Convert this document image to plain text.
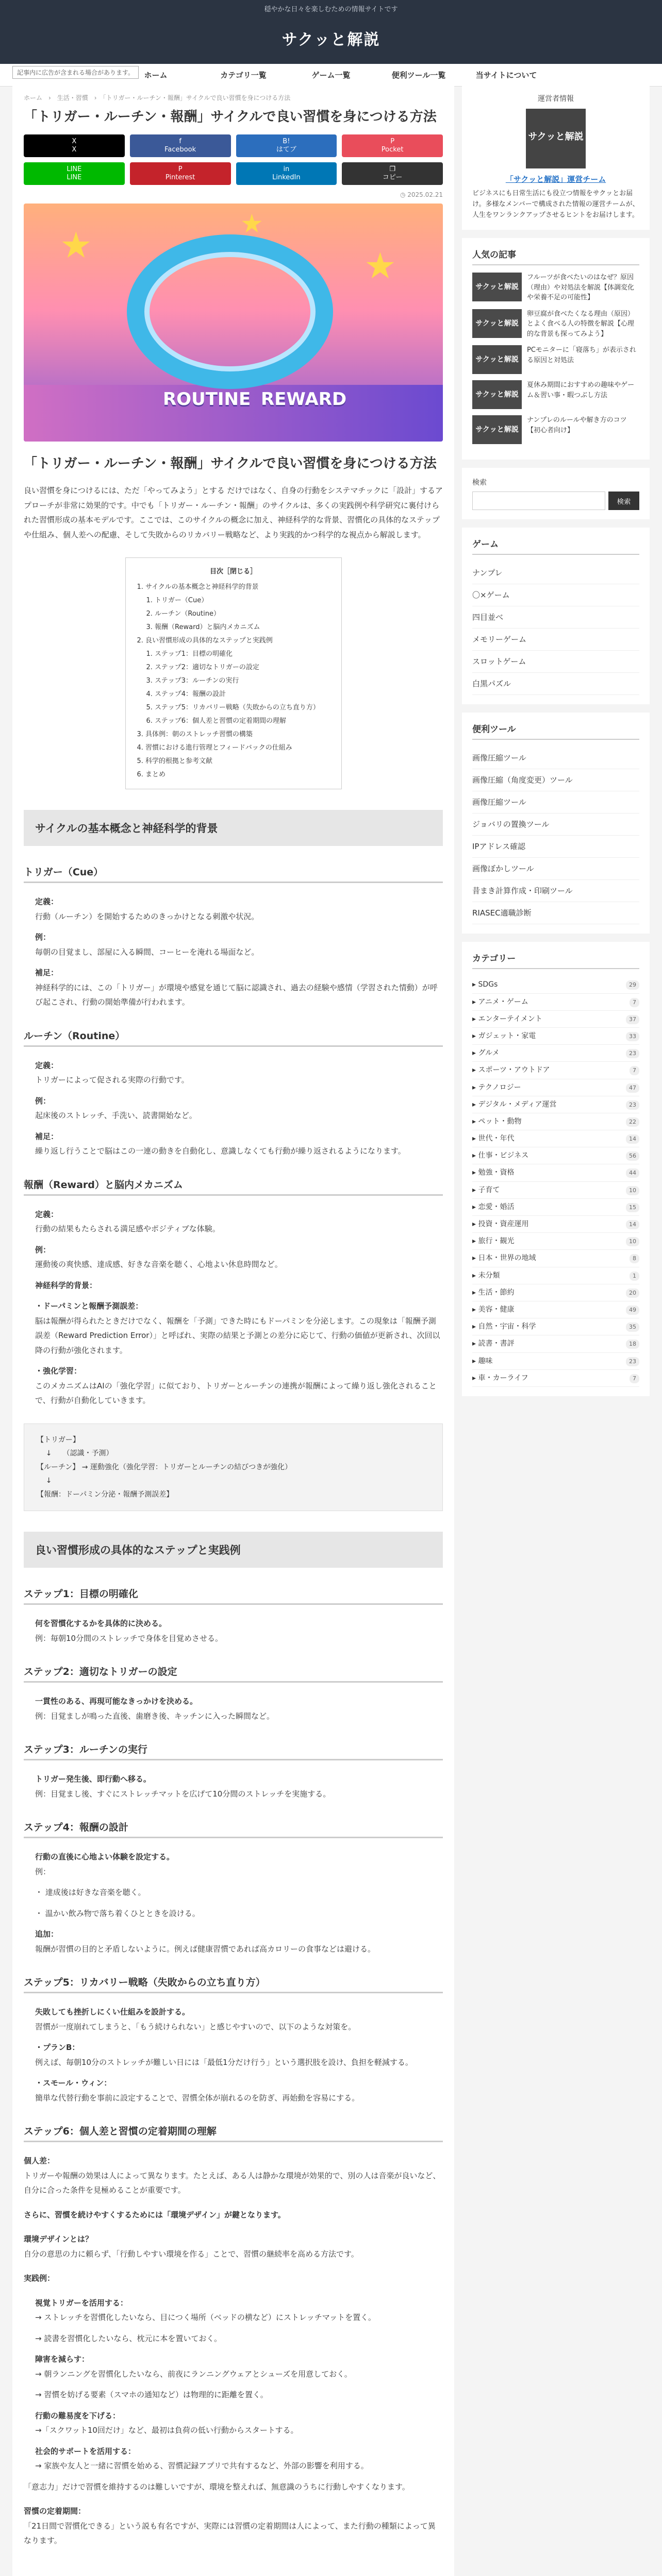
穏やかな日々を楽しむための情報サイトです
サクッと解説
ホーム	カテゴリ一覧	ゲーム一覧	便利ツール一覧	当サイトについて
記事内に広告が含まれる場合があります。
ホーム　›　生活・習慣　›　「トリガー・ルーチン・報酬」サイクルで良い習慣を身につける方法
「トリガー・ルーチン・報酬」サイクルで良い習慣を身につける方法
X
X
f
Facebook
B!
はてブ
P
Pocket
LINE
LINE
P
Pinterest
in
LinkedIn
❐
コピー
◷ 2025.02.21
★	★
★
ROUTINE REWARD
「トリガー・ルーチン・報酬」サイクルで良い習慣を身につける方法

良い習慣を身につけるには、ただ「やってみよう」とする だけではなく、自身の行動をシステマチックに「設計」するアプローチが非常に効果的です。中でも「トリガー・ルーチン・報酬」のサイクルは、多くの実践例や科学研究に裏付けられた習慣形成の基本モデルです。ここでは、このサイクルの概念に加え、神経科学的な背景、習慣化の具体的なステップや仕組み、個人差への配慮、そして失敗からのリカバリー戦略など、より実践的かつ科学的な視点から解説します。

目次［閉じる］
1. サイクルの基本概念と神経科学的背景
1. トリガー（Cue）
2. ルーチン（Routine）
3. 報酬（Reward）と脳内メカニズム
2. 良い習慣形成の具体的なステップと実践例
1. ステップ1：目標の明確化
2. ステップ2：適切なトリガーの設定
3. ステップ3：ルーチンの実行
4. ステップ4：報酬の設計
5. ステップ5：リカバリー戦略（失敗からの立ち直り方）
6. ステップ6：個人差と習慣の定着期間の理解
3. 具体例：朝のストレッチ習慣の構築
4. 習慣における進行管理とフィードバックの仕組み
5. 科学的根拠と参考文献
6. まとめ
サイクルの基本概念と神経科学的背景
トリガー（Cue）
定義：
行動（ルーチン）を開始するためのきっかけとなる刺激や状況。
例：
毎朝の目覚まし、部屋に入る瞬間、コーヒーを淹れる場面など。
補足：
神経科学的には、この「トリガー」が環境や感覚を通じて脳に認識され、過去の経験や感情（学習された情動）が呼び起こされ、行動の開始準備が行われます。
ルーチン（Routine）
定義：
トリガーによって促される実際の行動です。
例：
起床後のストレッチ、手洗い、読書開始など。
補足：
繰り返し行うことで脳はこの一連の動きを自動化し、意識しなくても行動が繰り返されるようになります。
報酬（Reward）と脳内メカニズム
定義：
行動の結果もたらされる満足感やポジティブな体験。
例：
運動後の爽快感、達成感、好きな音楽を聴く、心地よい休息時間など。
神経科学的背景：
・ドーパミンと報酬予測誤差：
脳は報酬が得られたときだけでなく、報酬を「予測」できた時にもドーパミンを分泌します。この現象は「報酬予測誤差（Reward Prediction Error）」と呼ばれ、実際の結果と予測との差分に応じて、行動の価値が更新され、次回以降の行動が強化されます。
・強化学習：
このメカニズムはAIの「強化学習」に似ており、トリガーとルーチンの連携が報酬によって繰り返し強化されることで、行動が自動化していきます。
【トリガー】
↓　　（認識・予測）
【ルーチン】 → 運動強化（強化学習：トリガーとルーチンの結びつきが強化）
↓
【報酬：ドーパミン分泌・報酬予測誤差】
良い習慣形成の具体的なステップと実践例
ステップ1：目標の明確化
何を習慣化するかを具体的に決める。
例：毎朝10分間のストレッチで身体を目覚めさせる。
ステップ2：適切なトリガーの設定
一貫性のある、再現可能なきっかけを決める。
例：目覚ましが鳴った直後、歯磨き後、キッチンに入った瞬間など。
ステップ3：ルーチンの実行
トリガー発生後、即行動へ移る。
例：目覚まし後、すぐにストレッチマットを広げて10分間のストレッチを実施する。
ステップ4：報酬の設計
行動の直後に心地よい体験を設定する。
例：
・ 達成後は好きな音楽を聴く。
・ 温かい飲み物で落ち着くひとときを設ける。
追加：
報酬が習慣の目的と矛盾しないように。例えば健康習慣であれば高カロリーの食事などは避ける。
ステップ5：リカバリー戦略（失敗からの立ち直り方）
失敗しても挫折しにくい仕組みを設計する。
習慣が一度崩れてしまうと、「もう続けられない」と感じやすいので、以下のような対策を。
・プランB：
例えば、毎朝10分のストレッチが難しい日には「最低1分だけ行う」という選択肢を設け、負担を軽減する。
・スモール・ウィン：
簡単な代替行動を事前に設定することで、習慣全体が崩れるのを防ぎ、再始動を容易にする。
ステップ6：個人差と習慣の定着期間の理解

個人差：
トリガーや報酬の効果は人によって異なります。たとえば、ある人は静かな環境が効果的で、別の人は音楽が良いなど、自分に合った条件を見極めることが重要です。

さらに、習慣を続けやすくするためには「環境デザイン」が鍵となります。

環境デザインとは？
自分の意思の力に頼らず、「行動しやすい環境を作る」ことで、習慣の継続率を高める方法です。

実践例：

視覚トリガーを活用する：
→ ストレッチを習慣化したいなら、目につく場所（ベッドの横など）にストレッチマットを置く。
→ 読書を習慣化したいなら、枕元に本を置いておく。
障害を減らす：
→ 朝ランニングを習慣化したいなら、前夜にランニングウェアとシューズを用意しておく。
→ 習慣を妨げる要素（スマホの通知など）は物理的に距離を置く。
行動の難易度を下げる：
→「スクワット10回だけ」など、最初は負荷の低い行動からスタートする。
社会的サポートを活用する：
→ 家族や友人と一緒に習慣を始める、習慣記録アプリで共有するなど、外部の影響を利用する。

「意志力」だけで習慣を維持するのは難しいですが、環境を整えれば、無意識のうちに行動しやすくなります。

習慣の定着期間：
「21日間で習慣化できる」という説も有名ですが、実際には習慣の定着期間は人によって、また行動の種類によって異なります。

運営者情報
サクッと解説
「サクッと解説」運営チーム
ビジネスにも日常生活にも役立つ情報をサクッとお届け。多様なメンバーで構成された情報の運営チームが、人生をワンランクアップさせるヒントをお届けします。
人気の記事
サクッと解説
フルーツが食べたいのはなぜ？原因（理由）や対処法を解説【体調変化や栄養不足の可能性】
サクッと解説
卵豆腐が食べたくなる理由（原因）とよく食べる人の特徴を解説【心理的な背景も探ってみよう】
サクッと解説
PCモニターに「寝落ち」が表示される原因と対処法
サクッと解説
夏休み期間におすすめの趣味やゲーム＆習い事・暇つぶし方法
サクッと解説
ナンプレのルールや解き方のコツ【初心者向け】
検索
検索
ゲーム
ナンプレ
〇×ゲーム
四目並べ
メモリーゲーム
スロットゲーム
白黒パズル
便利ツール
画像圧縮ツール
画像圧縮（角度変更）ツール
画像圧縮ツール
ジョバリの置換ツール
IPアドレス確認
画像ぼかしツール
昔まき計算作成・印刷ツール
RIASEC適職診断
カテゴリー
▸ SDGs	29
▸ アニメ・ゲーム	7
▸ エンターテイメント	37
▸ ガジェット・家電	33
▸ グルメ	23
▸ スポーツ・アウトドア	7
▸ テクノロジー	47
▸ デジタル・メディア運営	23
▸ ペット・動物	22
▸ 世代・年代	14
▸ 仕事・ビジネス	56
▸ 勉強・資格	44
▸ 子育て	10
▸ 恋愛・婚活	15
▸ 投資・資産運用	14
▸ 旅行・観光	10
▸ 日本・世界の地域	8
▸ 未分類	1
▸ 生活・節約	20
▸ 美容・健康	49
▸ 自然・宇宙・科学	35
▸ 読書・書評	18
▸ 趣味	23
▸ 車・カーライフ	7
